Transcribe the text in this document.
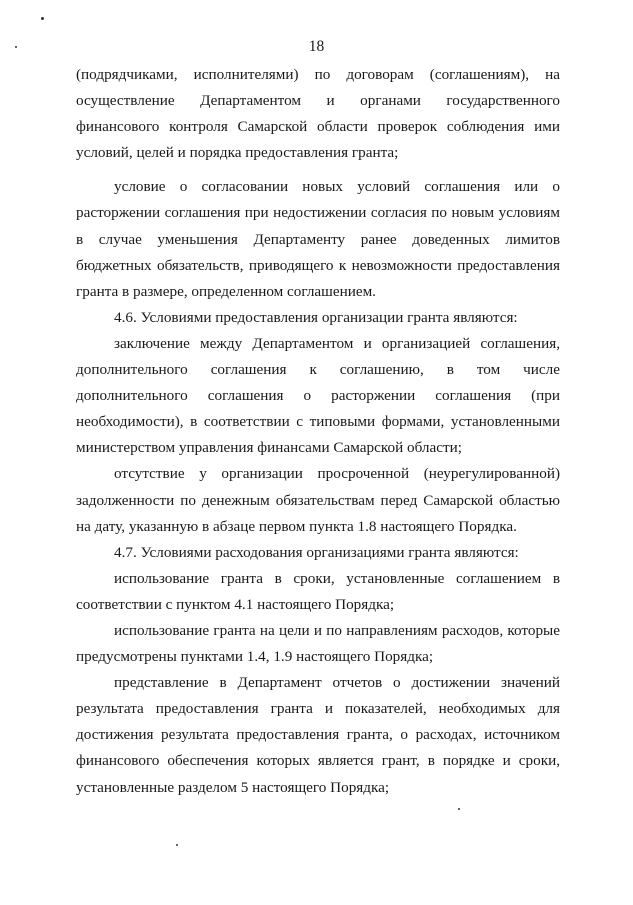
18

(подрядчиками, исполнителями) по договорам (соглашениям), на осуществление Департаментом и органами государственного финансового контроля Самарской области проверок соблюдения ими условий, целей и порядка предоставления гранта;

условие о согласовании новых условий соглашения или о расторжении соглашения при недостижении согласия по новым условиям в случае уменьшения Департаменту ранее доведенных лимитов бюджетных обязательств, приводящего к невозможности предоставления гранта в размере, определенном соглашением.

4.6. Условиями предоставления организации гранта являются:

заключение между Департаментом и организацией соглашения, дополнительного соглашения к соглашению, в том числе дополнительного соглашения о расторжении соглашения (при необходимости), в соответствии с типовыми формами, установленными министерством управления финансами Самарской области;

отсутствие у организации просроченной (неурегулированной) задолженности по денежным обязательствам перед Самарской областью на дату, указанную в абзаце первом пункта 1.8 настоящего Порядка.

4.7. Условиями расходования организациями гранта являются:

использование гранта в сроки, установленные соглашением в соответствии с пунктом 4.1 настоящего Порядка;

использование гранта на цели и по направлениям расходов, которые предусмотрены пунктами 1.4, 1.9 настоящего Порядка;

представление в Департамент отчетов о достижении значений результата предоставления гранта и показателей, необходимых для достижения результата предоставления гранта, о расходах, источником финансового обеспечения которых является грант, в порядке и сроки, установленные разделом 5 настоящего Порядка;
